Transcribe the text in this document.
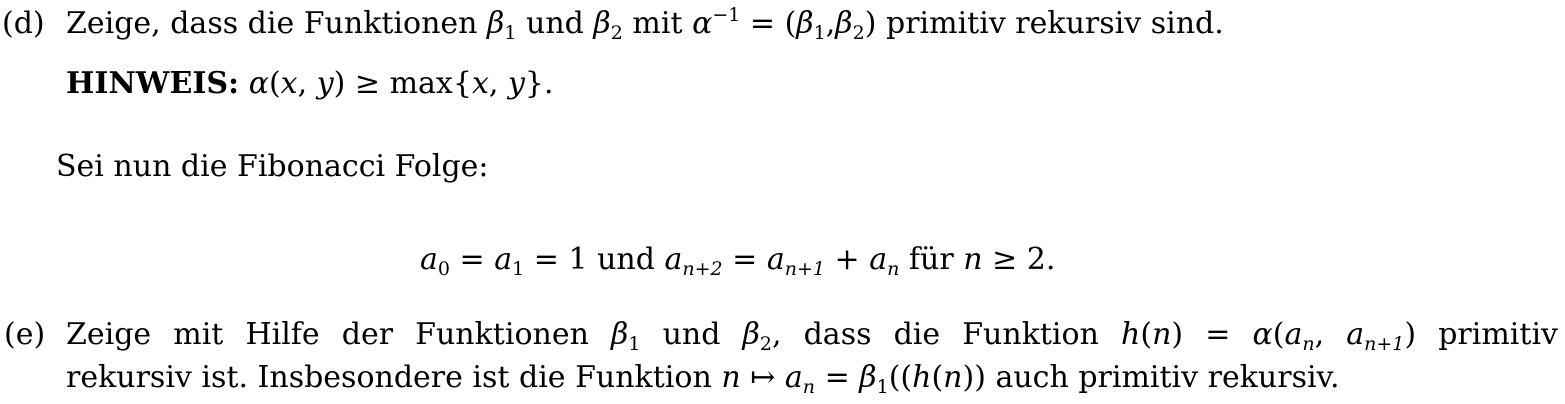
(d) Zeige, dass die Funktionen $\beta_1$ und $\beta_2$ mit $\alpha^{-1} = (\beta_1,\beta_2)$ primitiv rekursiv sind.
HINWEIS: α(x, y) ≥ max{x, y}.
Sei nun die Fibonacci Folge:
$a_0 = a_1 = 1$ und $a_{n+2} = a_{n+1} + a_n$ für n ≥ 2.
(e) Zeige mit Hilfe der Funktionen $\beta_1$ und $\beta_2$, dass die Funktion $h(n) = \alpha(a_n$, $a_{n+1}$) primitiv
rekursiv ist. Insbesondere ist die Funktion n ↦ $a_n = \beta_1((h(n))$ auch primitiv rekursiv.
